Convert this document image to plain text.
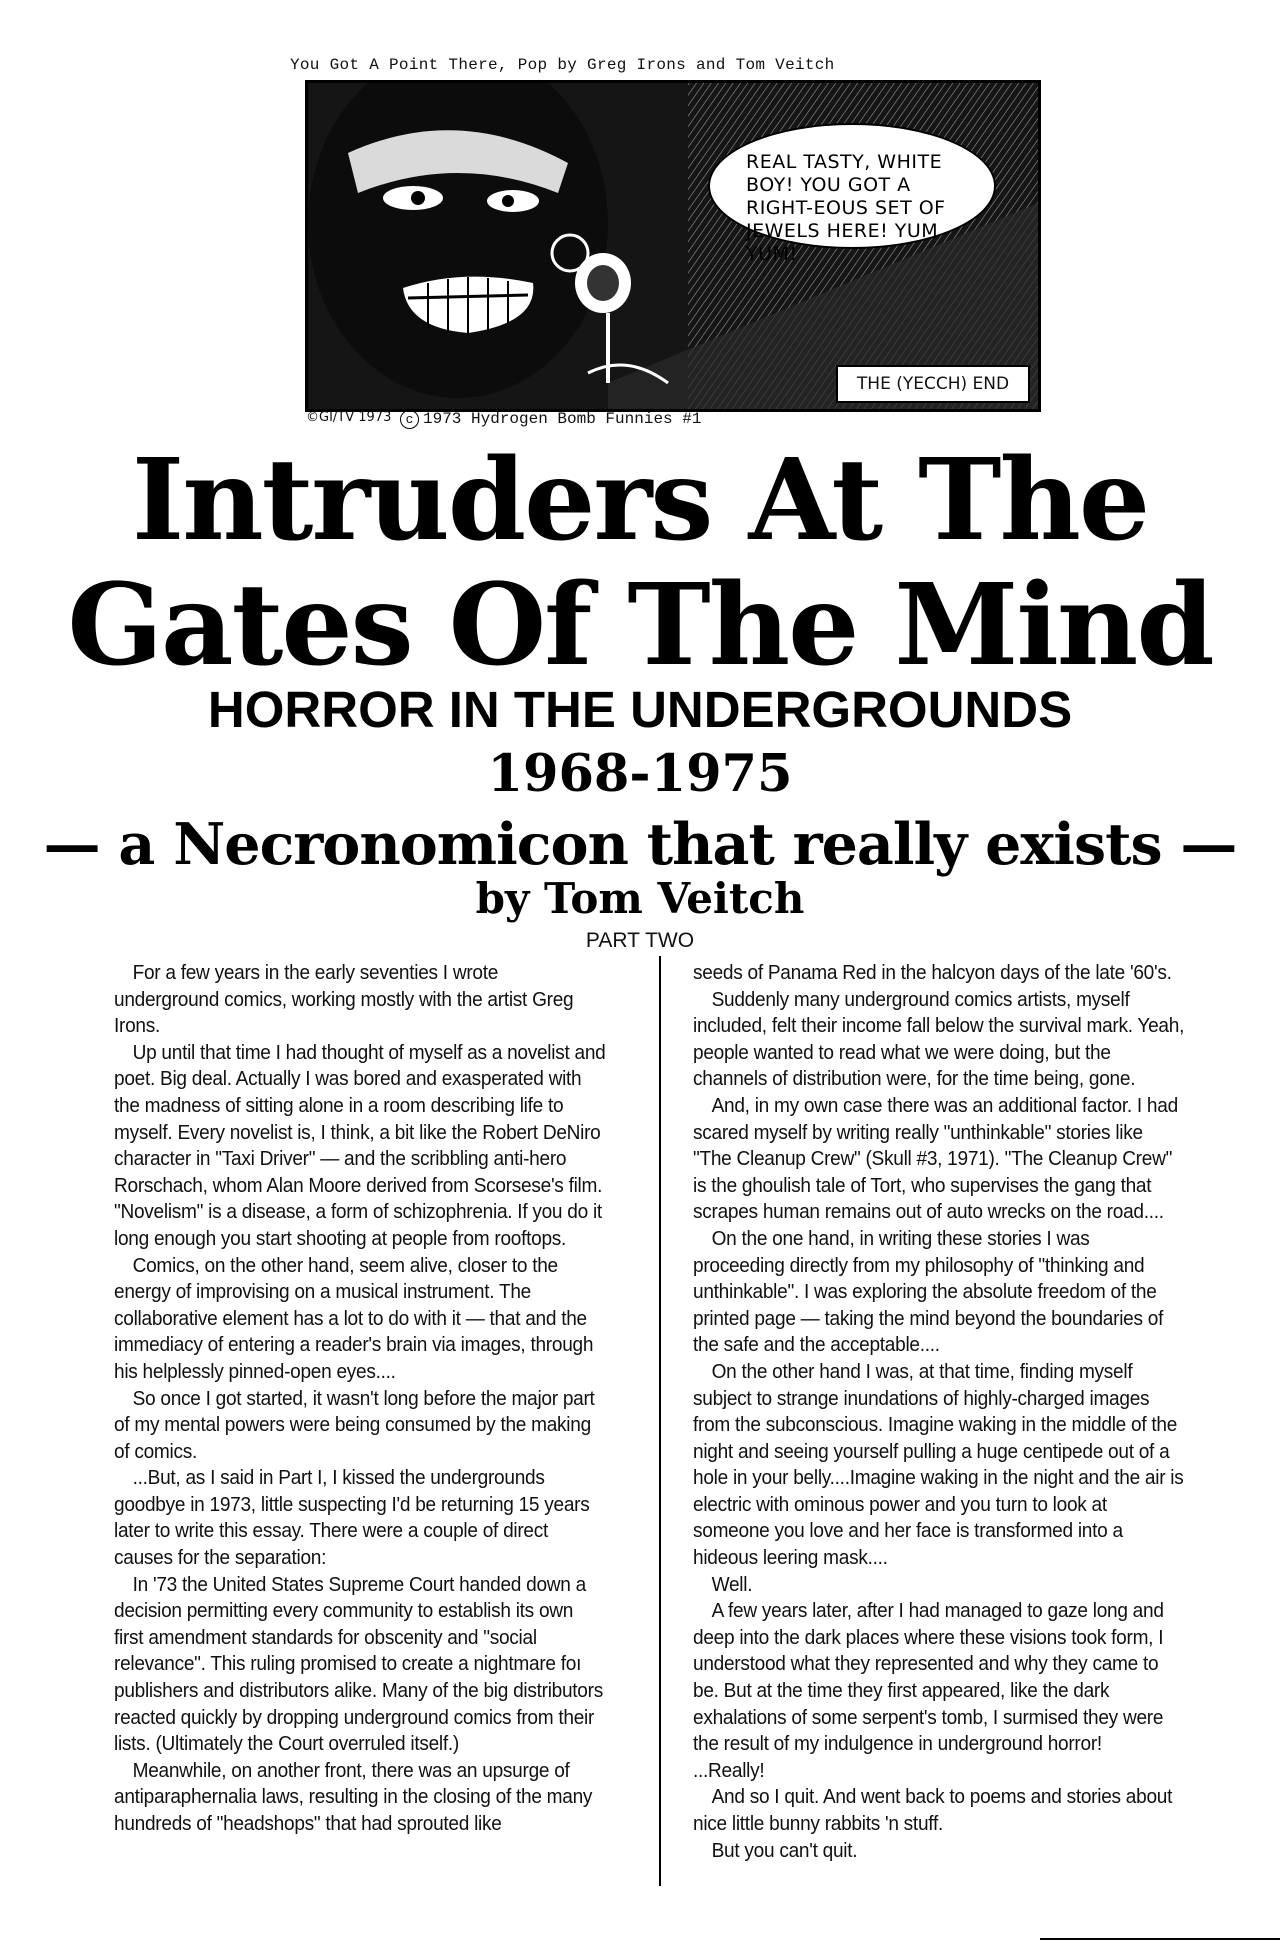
You Got A Point There, Pop by Greg Irons and Tom Veitch
REAL TASTY, WHITE BOY! YOU GOT A RIGHT-EOUS SET OF JEWELS HERE! YUM YUM!
THE (YECCH) END
©GI/TV 1973	c 1973 Hydrogen Bomb Funnies #1
Intruders At The
Gates Of The Mind
HORROR IN THE UNDERGROUNDS
1968-1975
— a Necronomicon that really exists —
by Tom Veitch
PART TWO

For a few years in the early seventies I wrote underground comics, working mostly with the artist Greg Irons.

Up until that time I had thought of myself as a novelist and poet. Big deal. Actually I was bored and exasperated with the madness of sitting alone in a room describing life to myself. Every novelist is, I think, a bit like the Robert DeNiro character in "Taxi Driver" — and the scribbling anti-hero Rorschach, whom Alan Moore derived from Scorsese's film. "Novelism" is a disease, a form of schizophrenia. If you do it long enough you start shooting at people from rooftops.

Comics, on the other hand, seem alive, closer to the energy of improvising on a musical instrument. The collaborative element has a lot to do with it — that and the immediacy of entering a reader's brain via images, through his helplessly pinned-open eyes....

So once I got started, it wasn't long before the major part of my mental powers were being consumed by the making of comics.

...But, as I said in Part I, I kissed the undergrounds goodbye in 1973, little suspecting I'd be returning 15 years later to write this essay. There were a couple of direct causes for the separation:

In '73 the United States Supreme Court handed down a decision permitting every community to establish its own first amendment standards for obscenity and "social relevance". This ruling promised to create a nightmare foı publishers and distributors alike. Many of the big distributors reacted quickly by dropping underground comics from their lists. (Ultimately the Court overruled itself.)

Meanwhile, on another front, there was an upsurge of antiparaphernalia laws, resulting in the closing of the many hundreds of "headshops" that had sprouted like

seeds of Panama Red in the halcyon days of the late '60's.

Suddenly many underground comics artists, myself included, felt their income fall below the survival mark. Yeah, people wanted to read what we were doing, but the channels of distribution were, for the time being, gone.

And, in my own case there was an additional factor. I had scared myself by writing really "unthinkable" stories like "The Cleanup Crew" (Skull #3, 1971). "The Cleanup Crew" is the ghoulish tale of Tort, who supervises the gang that scrapes human remains out of auto wrecks on the road....

On the one hand, in writing these stories I was proceeding directly from my philosophy of "thinking and unthinkable". I was exploring the absolute freedom of the printed page — taking the mind beyond the boundaries of the safe and the acceptable....

On the other hand I was, at that time, finding myself subject to strange inundations of highly-charged images from the subconscious. Imagine waking in the middle of the night and seeing yourself pulling a huge centipede out of a hole in your belly....Imagine waking in the night and the air is electric with ominous power and you turn to look at someone you love and her face is transformed into a hideous leering mask....

Well.

A few years later, after I had managed to gaze long and deep into the dark places where these visions took form, I understood what they represented and why they came to be. But at the time they first appeared, like the dark exhalations of some serpent's tomb, I surmised they were the result of my indulgence in underground horror!

...Really!

And so I quit. And went back to poems and stories about nice little bunny rabbits 'n stuff.

But you can't quit.
